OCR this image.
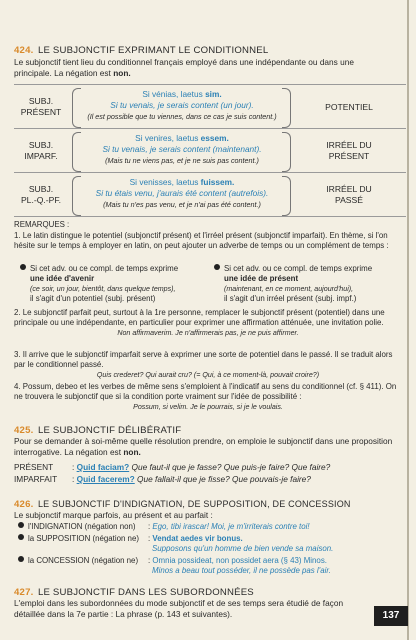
424. LE SUBJONCTIF EXPRIMANT LE CONDITIONNEL

Le subjonctif tient lieu du conditionnel français employé dans une indépendante ou dans une principale. La négation est non.

SUBJ.
PRÉSENT
Si vénias, laetus sim.
Si tu venais, je serais content (un jour).
(Il est possible que tu viennes, dans ce cas je suis content.)
POTENTIEL
SUBJ.
IMPARF.
Si venires, laetus essem.
Si tu venais, je serais content (maintenant).
(Mais tu ne viens pas, et je ne suis pas content.)
IRRÉEL DU
PRÉSENT
SUBJ.
PL.-Q.-PF.
Si venisses, laetus fuissem.
Si tu étais venu, j'aurais été content (autrefois).
(Mais tu n'es pas venu, et je n'ai pas été content.)
IRRÉEL DU
PASSÉ
REMARQUES :

1. Le latin distingue le potentiel (subjonctif présent) et l'irréel présent (subjonctif imparfait). En thème, si l'on hésite sur le temps à employer en latin, on peut ajouter un adverbe de temps ou un complément de temps :

Si cet adv. ou ce compl. de temps exprime

une idée d'avenir

(ce soir, un jour, bientôt, dans quelque temps),

il s'agit d'un potentiel (subj. présent)

Si cet adv. ou ce compl. de temps exprime

une idée de présent

(maintenant, en ce moment, aujourd'hui),

il s'agit d'un irréel présent (subj. impf.)

2. Le subjonctif parfait peut, surtout à la 1re personne, remplacer le subjonctif présent (potentiel) dans une principale ou une indépendante, en particulier pour exprimer une affirmation atténuée, une invitation polie.

Non affirmaverim. Je n'affirmerais pas, je ne puis affirmer.

3. Il arrive que le subjonctif imparfait serve à exprimer une sorte de potentiel dans le passé. Il se traduit alors par le conditionnel passé.

Quis crederet? Qui aurait cru? (= Qui, à ce moment-là, pouvait croire?)

4. Possum, debeo et les verbes de même sens s'emploient à l'indicatif au sens du conditionnel (cf. § 411). On ne trouvera le subjonctif que si la condition porte vraiment sur l'idée de possibilité :

Possum, si velim. Je le pourrais, si je le voulais.

425. LE SUBJONCTIF DÉLIBÉRATIF

Pour se demander à soi-même quelle résolution prendre, on emploie le subjonctif dans une proposition interrogative. La négation est non.

PRÉSENT : Quid faciam? Que faut-il que je fasse? Que puis-je faire? Que faire?

IMPARFAIT : Quid facerem? Que fallait-il que je fisse? Que pouvais-je faire?

426. LE SUBJONCTIF D'INDIGNATION, DE SUPPOSITION, DE CONCESSION

Le subjonctif marque parfois, au présent et au parfait :

l'INDIGNATION (négation non) : Ego, tibi irascar! Moi, je m'irriterais contre toi!

la SUPPOSITION (négation ne) : Vendat aedes vir bonus.

Supposons qu'un homme de bien vende sa maison.

la CONCESSION (négation ne) : Omnia possideat, non possidet aera (§ 43) Minos.

Minos a beau tout posséder, il ne possède pas l'air.

427. LE SUBJONCTIF DANS LES SUBORDONNÉES

L'emploi dans les subordonnées du mode subjonctif et de ses temps sera étudié de façon détaillée dans la 7e partie : La phrase (p. 143 et suivantes).	137
